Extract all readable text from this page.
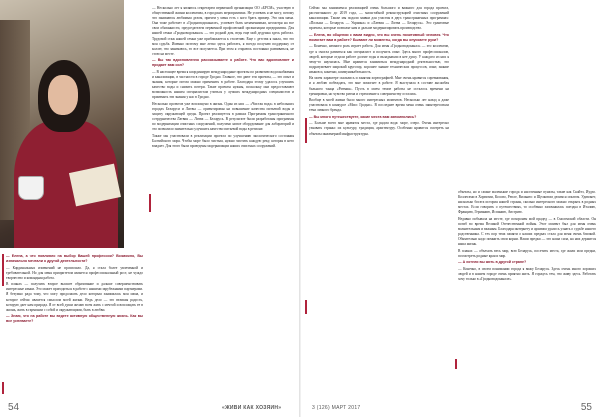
— Елена, а что повлияло на выбор Вашей профессии? Возможно, Вы изначально мечтали о другой деятельности?

— Кардинальных изменений не произошло. Да, я стала более увлеченной и требовательной. Но для меня приоритетом является профессиональный рост, не чуждо творчество и командная работа.

В планах — получить второе высшее образование и дальше совершенствовать интересные языки. Это может пригодиться в работе с нашими зарубежными партнерами. Я безумно рада тому, что могу продолжать дело которым занималась моя мама, и которое сейчас является смыслом моей жизни. Ведь дело — это великая радость, которую дает нам природа. Я от всей души желаю всем жить с мечтой и воплощать ее в жизнь, жить в гармонии с собой и окружающими, быть в любви.

— Знаю, что на работе вы ведете активную общественную жизнь. Как вы все успеваете?

— Несколько лет я являюсь секретарем первичной организации ОО «БРСМ», участвую в общественной жизни коллектива, в городских мероприятиях. Не успевать я не могу, потому что занимаюсь любимым делом, причем у меня есть с кого брать пример. Это моя мама. Она тоже работает в «Гродноводоканале», успевает быть незаменимым, несмотря на все свои обязанности, председателем первичной профсоюзной организации предприятия. Для нашей семьи «Гродноводоканал» — это родной дом, ведь еще мой дедушка здесь работал. Трудовой стаж нашей семьи уже приближается к столетию. Еще с детства я знала, что это моя судьба. Именно поэтому мне легко здесь работать, я всегда получаю поддержку от коллег, что занимаюсь, то все получается. При этом я стараюсь постоянно развиваться, не стою на месте.

— Вы так вдохновленно рассказываете о работе. Что вас вдохновляет и придает вам сил?

— В настоящее время я координирую международные проекты по развитию водоснабжения и канализации, в частности в городе Гродно. Главное, что дают эти проекты, — это опыт и знания, которые потом можно применить в работе. Благодаря этому удалось улучшить качество воды и снизить потери. Такие проекты нужны, поскольку они предоставляют возможность нашим специалистам учиться у лучших международных специалистов и применять эти знания у нас в Гродно.

Несколько проектов уже воплощено в жизнь. Один из них — «Чистая вода» в небольших городах Беларуси и Литвы — ориентирован на повышение качества питьевой воды и защиту окружающей среды. Проект реализуется в рамках Программы трансграничного сотрудничества Латвия — Литва — Беларусь. В результате были разработаны программы по модернизации очистных сооружений, получено новое оборудование для лабораторий и это позволило значительно улучшить качество питьевой воды в регионе.

Также мы участвовали в реализации проекта по улучшению экологического состояния Балтийского моря. Чтобы море было чистым, нужно чистить каждую реку, которая в него впадает. Для этого были проведены модернизации наших очистных сооружений.

Сейчас мы занимаемся реализацией очень большого и важного для города проекта, рассчитанного до 2019 года, — масштабной реконструкцией очистных сооружений канализации. Также мы подали заявки для участия в двух трансграничных программах: «Польша — Беларусь — Украина» и «Латвия — Литва — Беларусь». Это грантовые проекты, которые позволят нам и дальше модернизировать производство.

— Елена, во общении с вами видно, что вы очень позитивный человек. Что помогает вам в работе? Бывают ли моменты, когда вы опускаете руки?

— Конечно, немного роль играет работа. Для меня «Гродноводоканал» — это коллектив, где я смогла развиться как специалист и получить опыт. Здесь много профессионалов, людей, которые отдали работе долгие годы и вкладывали в нее душу. У каждого из них я чему-то научилась. Мне нравится заниматься международной деятельностью, это подразумевает широкий кругозор, хорошее знание технических процессов, опыт, знание языков и, конечно, коммуникабельность.

На моем характере сказались и занятия хореографией. Мне очень нравятся соревнования, и я люблю побеждать, это мне помогает в работе. Я выступала в составе ансамбля бального танца «Ритмия». Пусть в моем темпе работы не осталось времени на тренировки, но чувство ритма и стремление к совершенству остались.

Вообще в моей жизни было много интересных моментов. Несколько лет назад я даже участвовала в конкурсе «Мисс Гродно». В последнее время меня очень заинтересовала тема личного бренда.

— Вы много путешествуете, какие места вам запомнились?

— Больше всего мне нравятся места, где рядом вода: море, озеро. Очень интересно узнавать страны: их культуру, традиции, архитектуру. Особенно нравится смотреть на объекты инженерной инфраструктуры.

объекты, но и самые маленькие города и населенные пункты, такие как Скайтэ, Иудзо. Коллегами в Хорватии, Косово, Репле, Вильнюс и Щелковом делимся опытом. Удивляет, насколько богата история нашей страны, сколько интересного можно открыть в родных местах. Если говорить о путешествиях, то особенно запомнилась поездка в Италию, Францию, Германию, Испанию, Австрию.

Недавно побывала на месте, где похоронен мой прадед — в Смоленской области. Он погиб во время Великой Отечественной войны. Этот момент был для меня очень волнительным и важным. Благодаря интернету и архивам удалось узнать о судьбе нашего родственника. С тех пор тема памяти о наших предках стала для меня очень близкой. Обязательно надо помнить свои корни. Наши предки — это наша сила, на них держится наша жизнь.

В планах — объехать весь мир, всю Беларусь, посетить места, где жили мои предки, посмотреть родные края и мир.

— А хотели вы жить в другой стране?

— Конечно, в своем понимании города я вижу Беларусь. Здесь очень много хороших людей и в нашем городе очень приятно жить. Я горжусь тем, что живу здесь. Работать хочу только в «Гродноводоканале».

54	«ЖИВИ КАК ХОЗЯИН»	3 (126) МАРТ 2017	55
